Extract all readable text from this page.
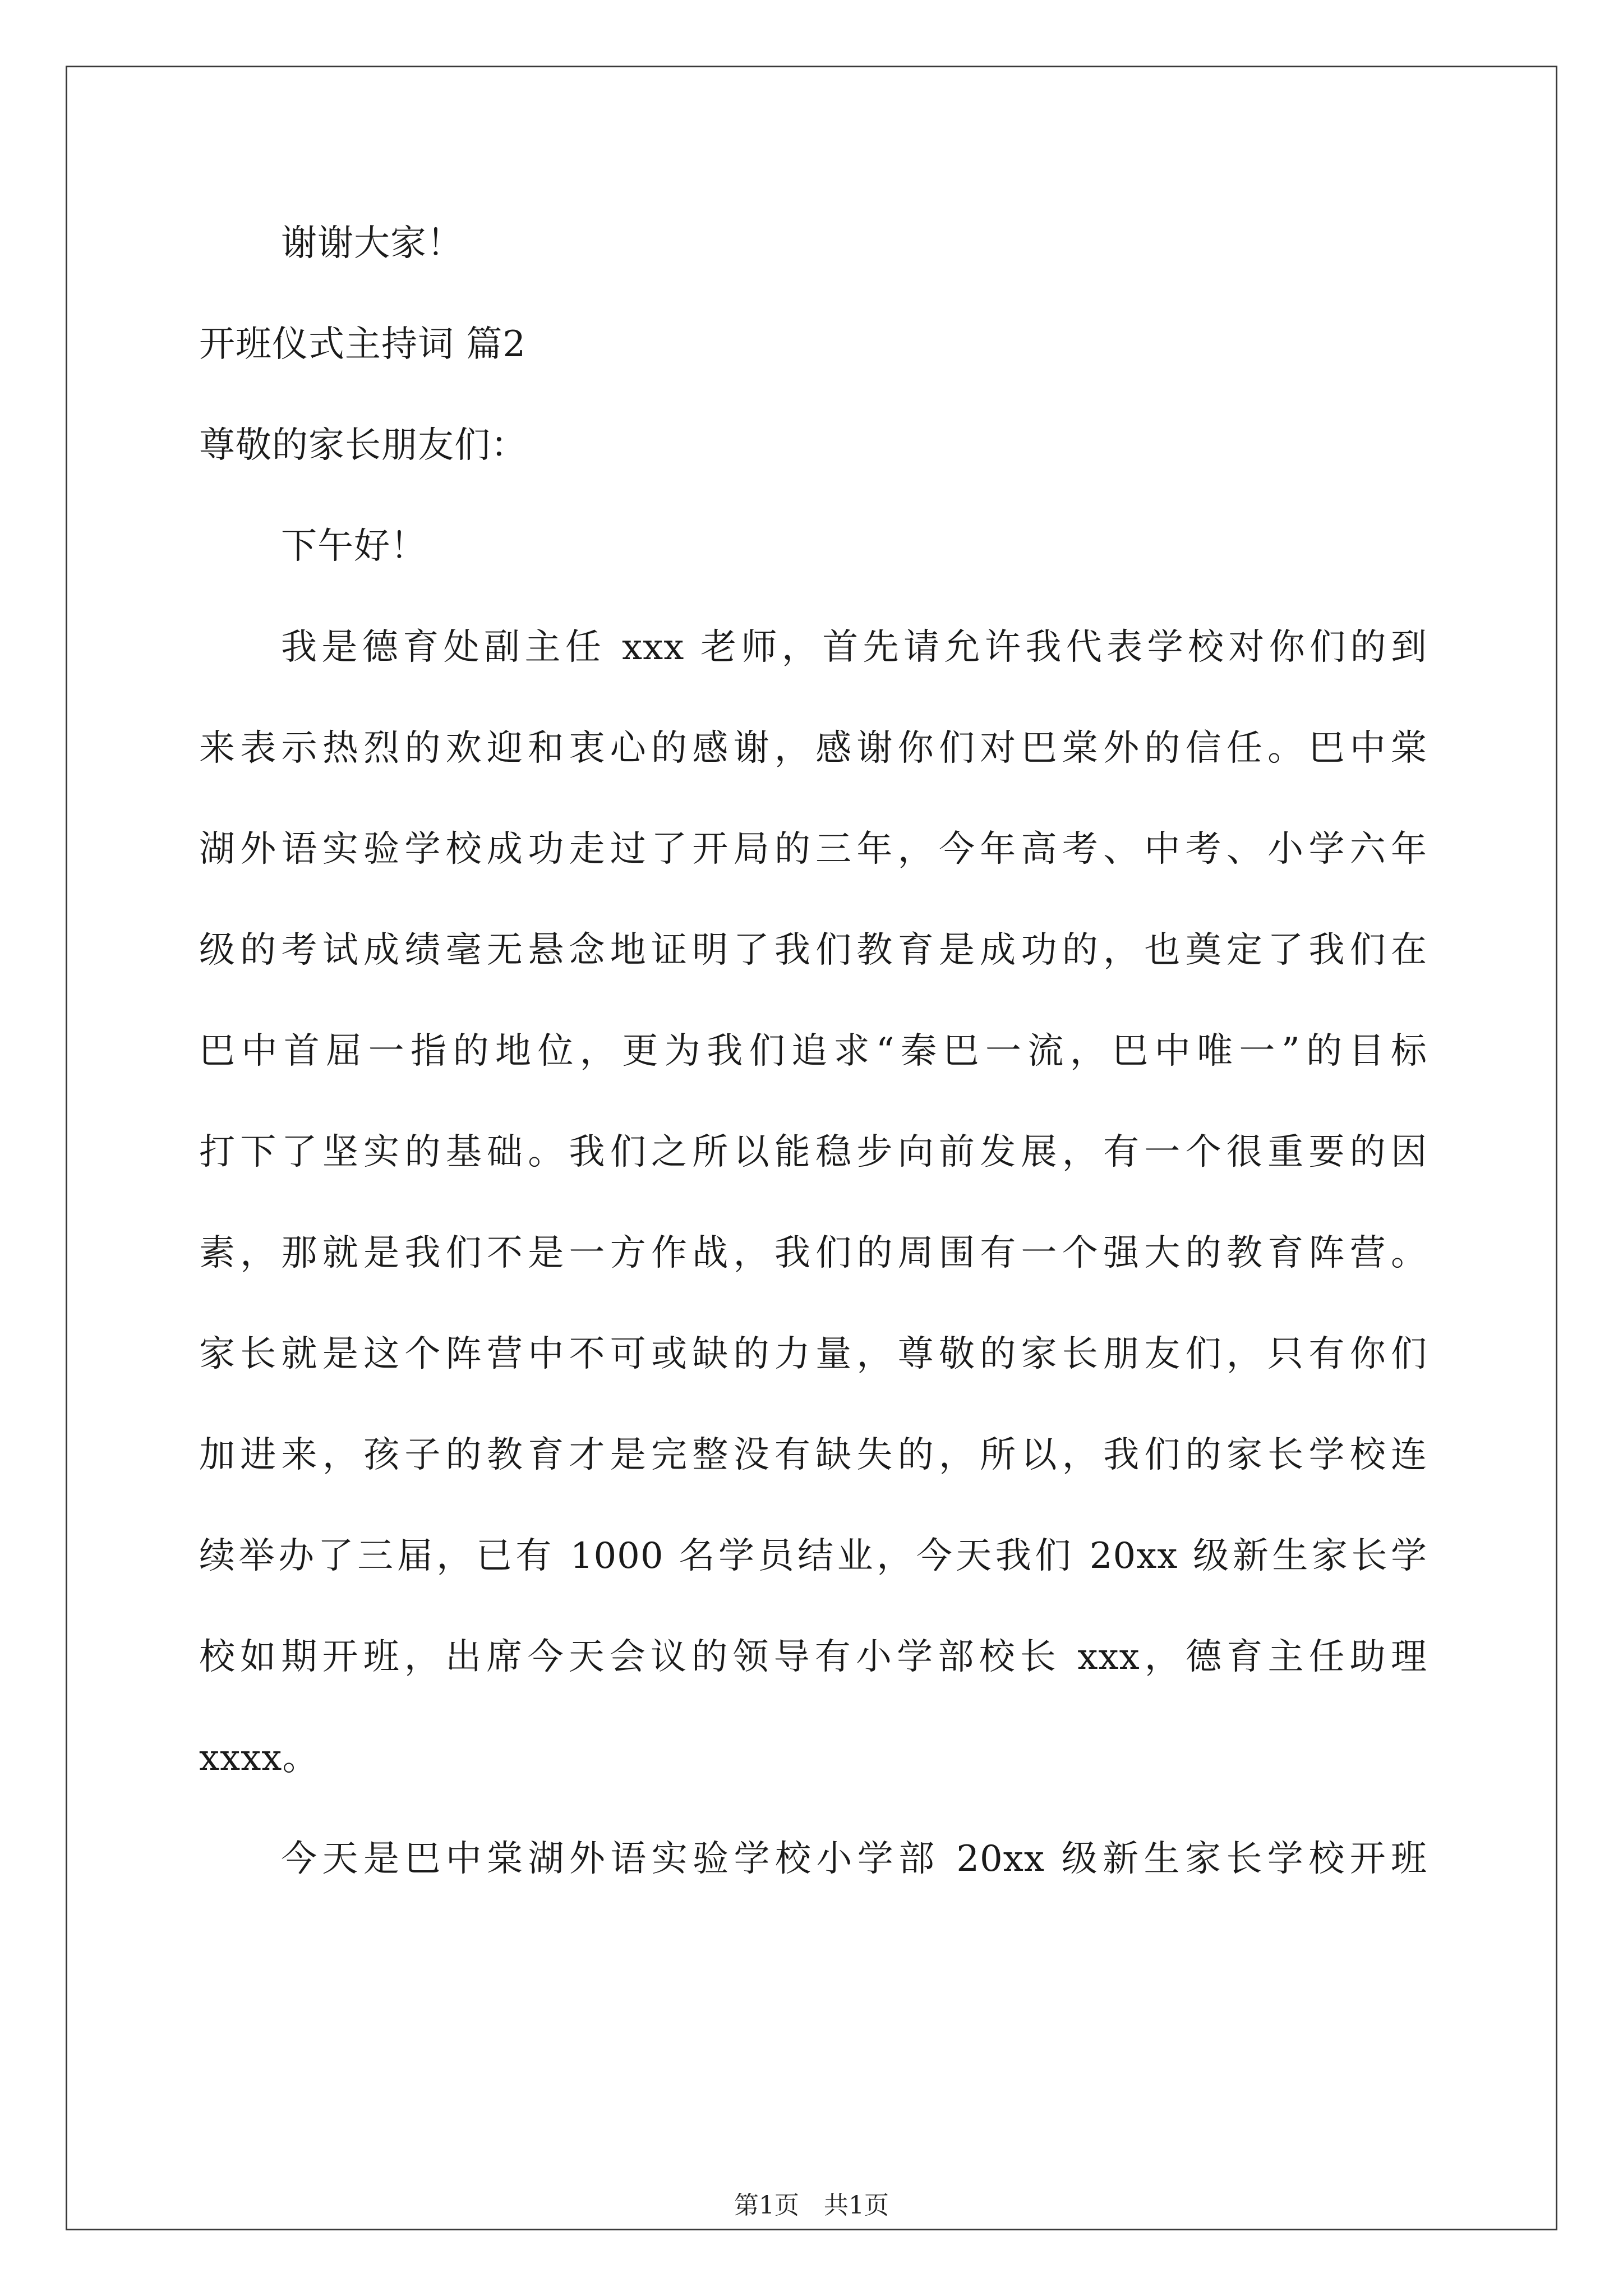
谢谢大家！
开班仪式主持词 篇2
尊敬的家长朋友们：
下午好！
我是德育处副主任 xxx 老师，首先请允许我代表学校对你们的到
来表示热烈的欢迎和衷心的感谢，感谢你们对巴棠外的信任。巴中棠
湖外语实验学校成功走过了开局的三年，今年高考、中考、小学六年
级的考试成绩毫无悬念地证明了我们教育是成功的，也奠定了我们在
巴中首屈一指的地位，更为我们追求“秦巴一流，巴中唯一”的目标
打下了坚实的基础。我们之所以能稳步向前发展，有一个很重要的因
素，那就是我们不是一方作战，我们的周围有一个强大的教育阵营。
家长就是这个阵营中不可或缺的力量，尊敬的家长朋友们，只有你们
加进来，孩子的教育才是完整没有缺失的，所以，我们的家长学校连
续举办了三届，已有 1000 名学员结业，今天我们 20xx 级新生家长学
校如期开班，出席今天会议的领导有小学部校长 xxx，德育主任助理
xxxx。
今天是巴中棠湖外语实验学校小学部 20xx 级新生家长学校开班
第1页　共1页
